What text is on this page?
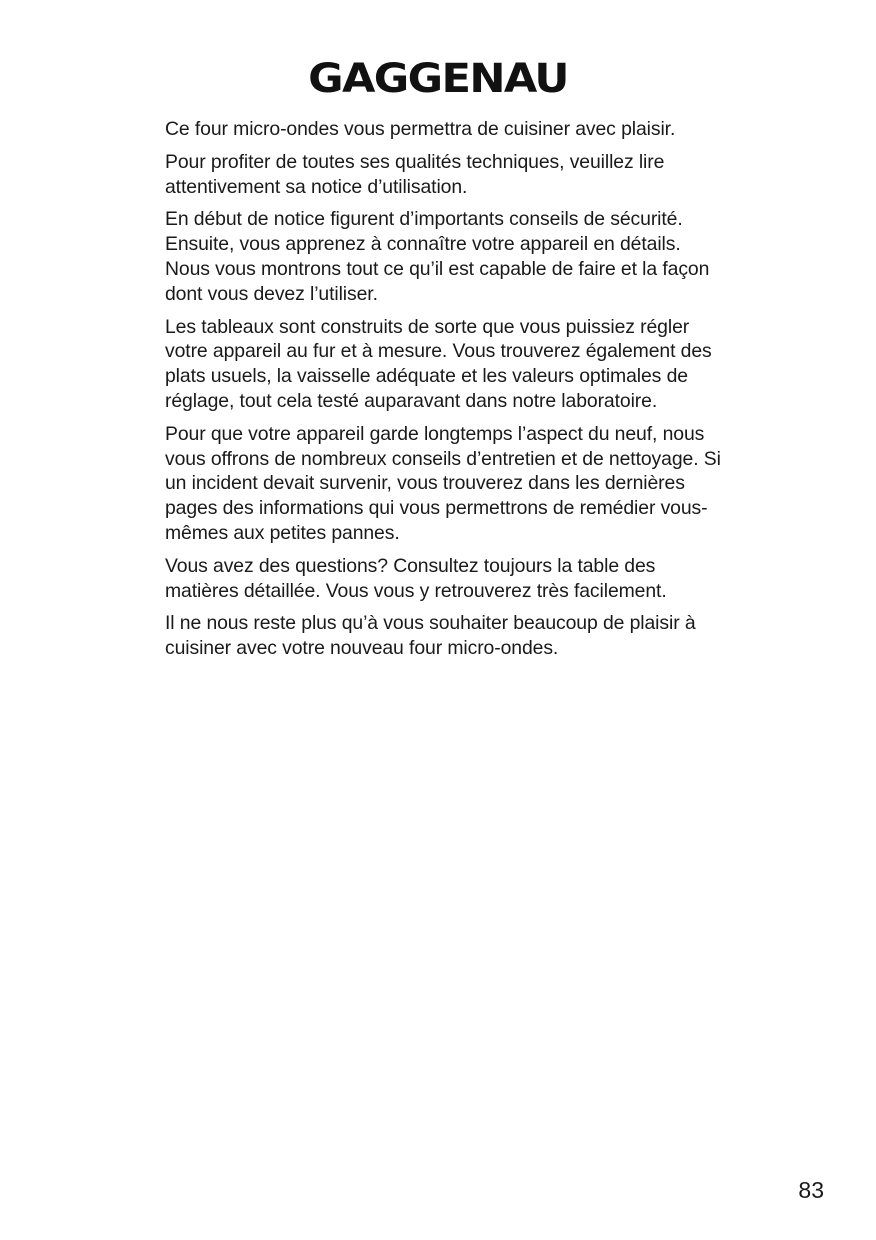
GAGGENAU

Ce four micro-ondes vous permettra de cuisiner avec plaisir.

Pour profiter de toutes ses qualités techniques, veuillez lire attentivement sa notice d’utilisation.

En début de notice figurent d’importants conseils de sécurité. Ensuite, vous apprenez à connaître votre appareil en détails. Nous vous montrons tout ce qu’il est capable de faire et la façon dont vous devez l’utiliser.

Les tableaux sont construits de sorte que vous puissiez régler votre appareil au fur et à mesure. Vous trouverez également des plats usuels, la vaisselle adéquate et les valeurs optimales de réglage, tout cela testé auparavant dans notre laboratoire.

Pour que votre appareil garde longtemps l’aspect du neuf, nous vous offrons de nombreux conseils d’entretien et de nettoyage. Si un incident devait survenir, vous trouverez dans les dernières pages des informations qui vous permettrons de remédier vous-mêmes aux petites pannes.

Vous avez des questions? Consultez toujours la table des matières détaillée. Vous vous y retrouverez très facilement.

Il ne nous reste plus qu’à vous souhaiter beaucoup de plaisir à cuisiner avec votre nouveau four micro-ondes.

83
